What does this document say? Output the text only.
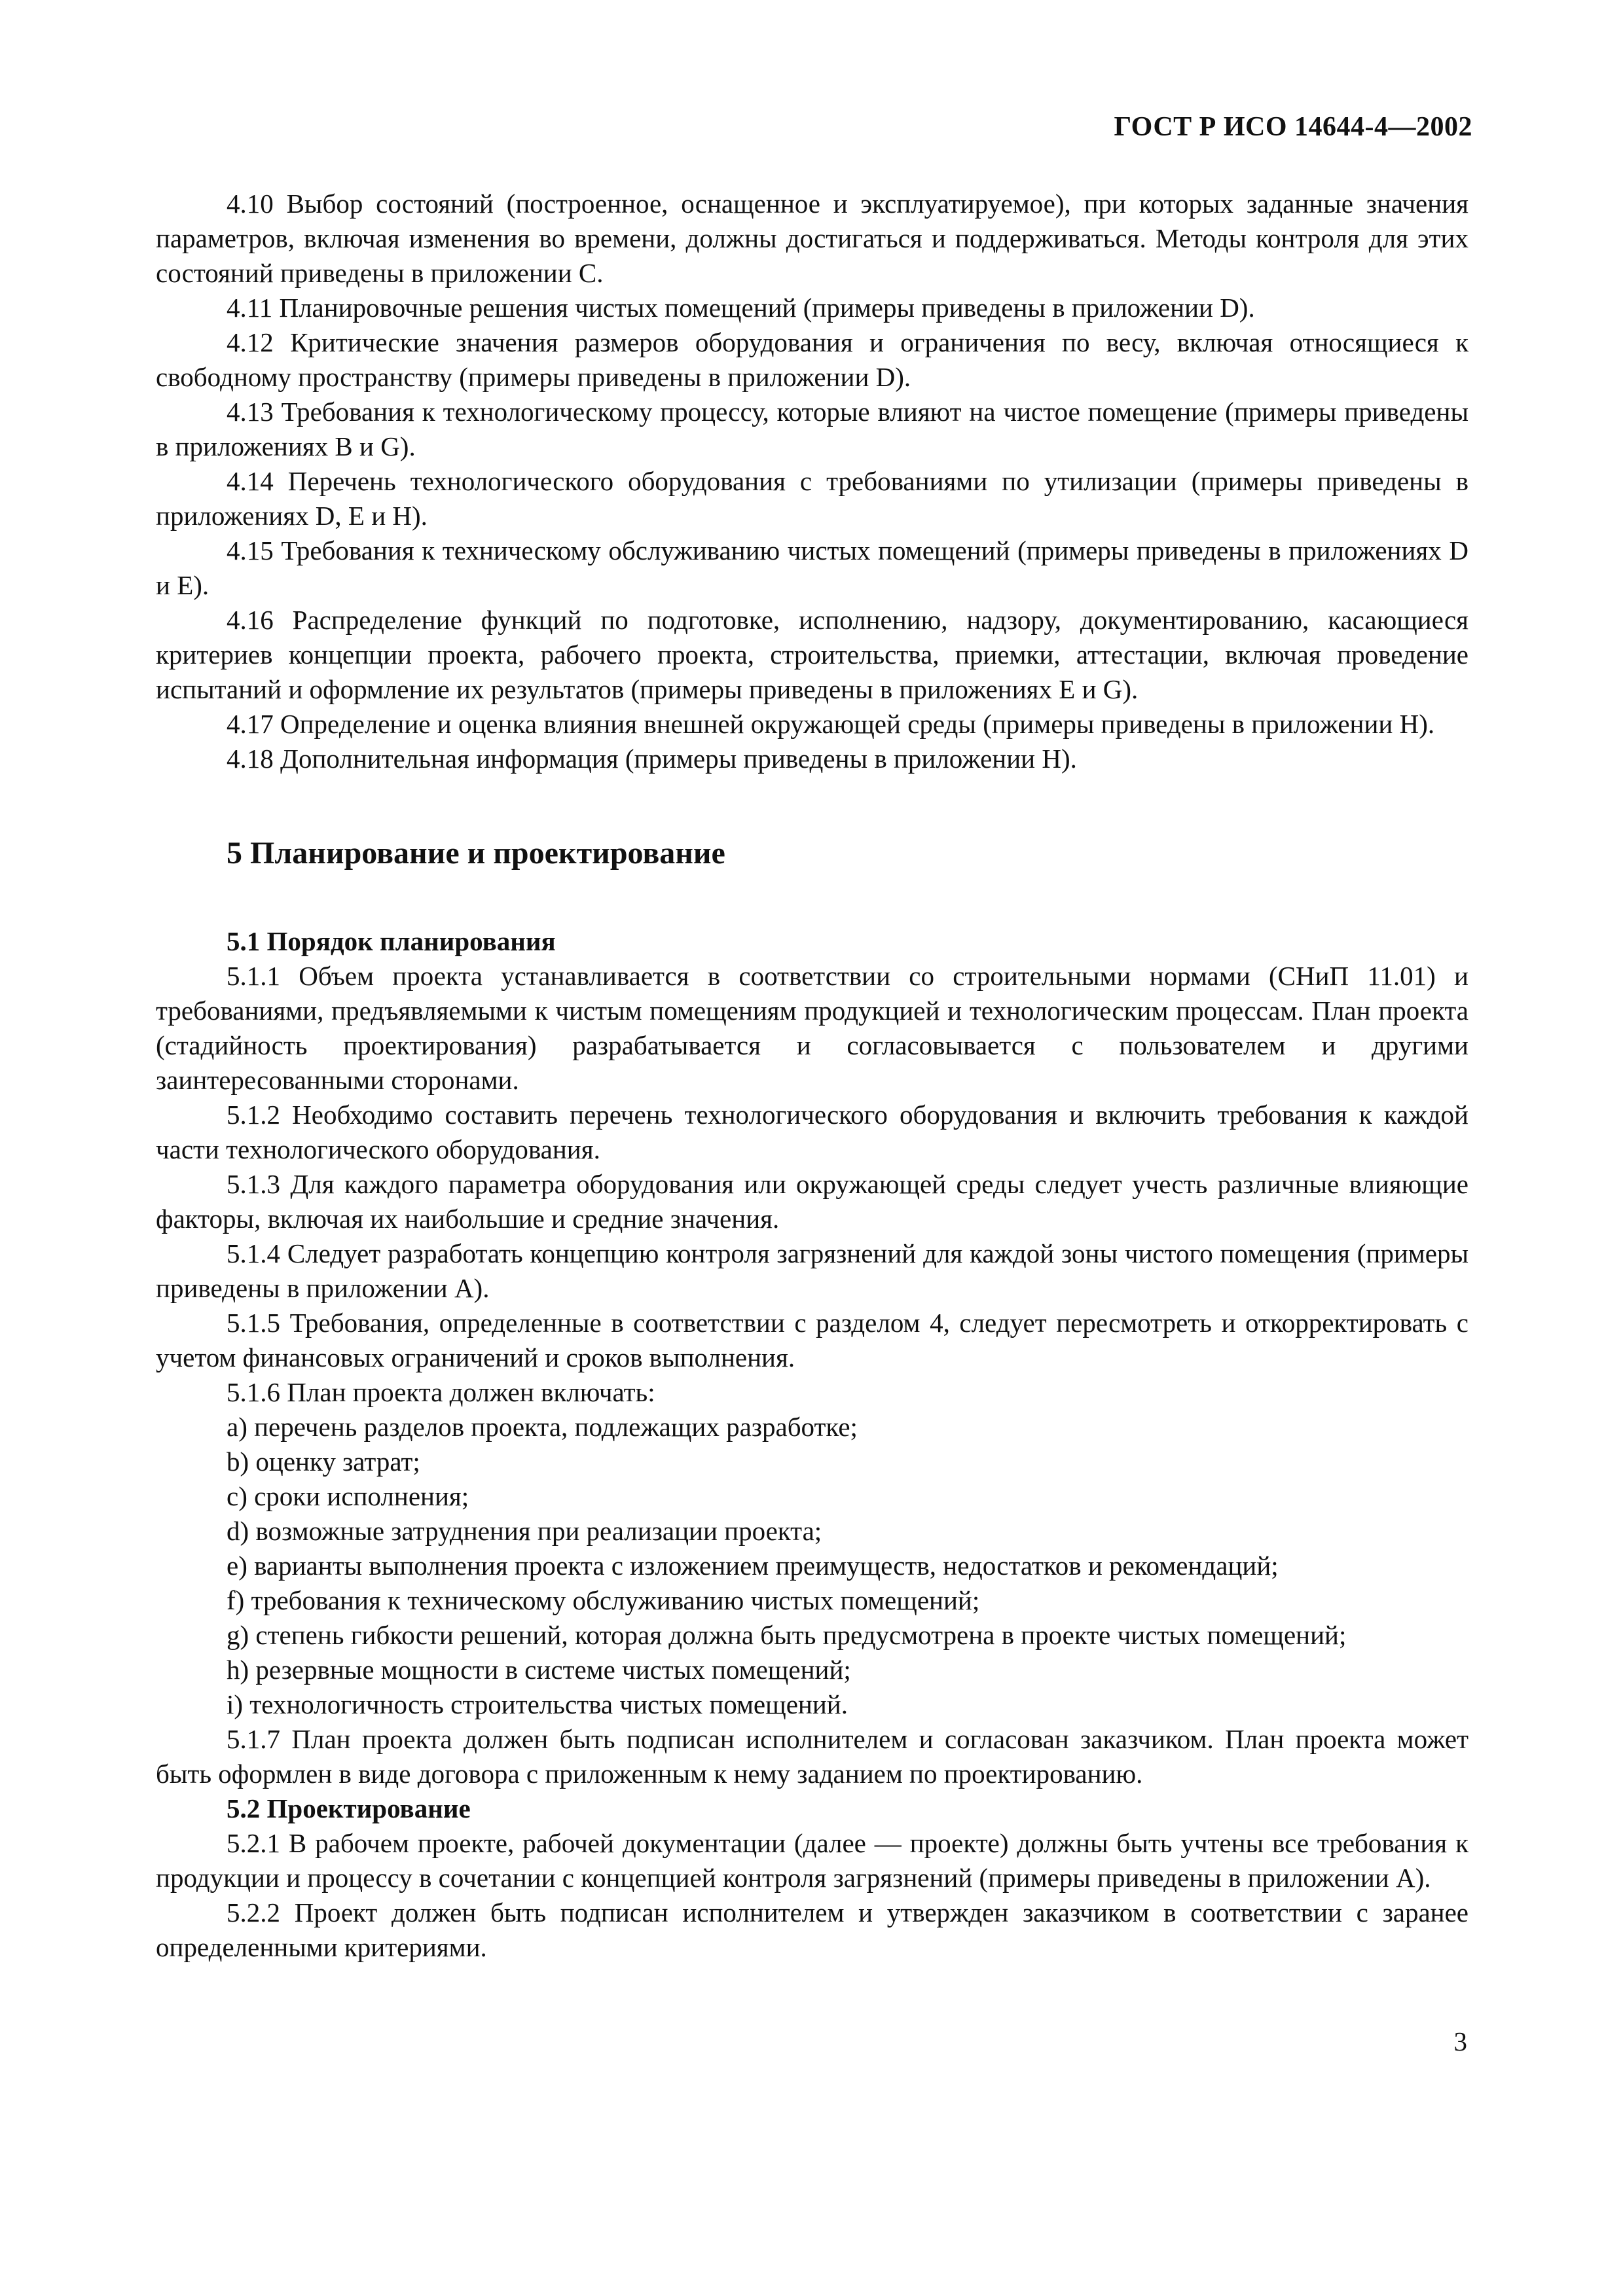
ГОСТ Р ИСО 14644-4—2002

4.10 Выбор состояний (построенное, оснащенное и эксплуатируемое), при которых заданные значения параметров, включая изменения во времени, должны достигаться и поддерживаться. Методы контроля для этих состояний приведены в приложении С.

4.11 Планировочные решения чистых помещений (примеры приведены в приложении D).

4.12 Критические значения размеров оборудования и ограничения по весу, включая относящиеся к свободному пространству (примеры приведены в приложении D).

4.13 Требования к технологическому процессу, которые влияют на чистое помещение (примеры приведены в приложениях В и G).

4.14 Перечень технологического оборудования с требованиями по утилизации (примеры приведены в приложениях D, E и Н).

4.15 Требования к техническому обслуживанию чистых помещений (примеры приведены в приложениях D и Е).

4.16 Распределение функций по подготовке, исполнению, надзору, документированию, касающиеся критериев концепции проекта, рабочего проекта, строительства, приемки, аттестации, включая проведение испытаний и оформление их результатов (примеры приведены в приложениях Е и G).

4.17 Определение и оценка влияния внешней окружающей среды (примеры приведены в приложении Н).

4.18 Дополнительная информация (примеры приведены в приложении Н).

5 Планирование и проектирование
5.1 Порядок планирования

5.1.1 Объем проекта устанавливается в соответствии со строительными нормами (СНиП 11.01) и требованиями, предъявляемыми к чистым помещениям продукцией и технологическим процессам. План проекта (стадийность проектирования) разрабатывается и согласовывается с пользователем и другими заинтересованными сторонами.

5.1.2 Необходимо составить перечень технологического оборудования и включить требования к каждой части технологического оборудования.

5.1.3 Для каждого параметра оборудования или окружающей среды следует учесть различные влияющие факторы, включая их наибольшие и средние значения.

5.1.4 Следует разработать концепцию контроля загрязнений для каждой зоны чистого помещения (примеры приведены в приложении А).

5.1.5 Требования, определенные в соответствии с разделом 4, следует пересмотреть и откорректировать с учетом финансовых ограничений и сроков выполнения.

5.1.6 План проекта должен включать:

a) перечень разделов проекта, подлежащих разработке;
b) оценку затрат;
c) сроки исполнения;
d) возможные затруднения при реализации проекта;
e) варианты выполнения проекта с изложением преимуществ, недостатков и рекомендаций;
f) требования к техническому обслуживанию чистых помещений;
g) степень гибкости решений, которая должна быть предусмотрена в проекте чистых помещений;
h) резервные мощности в системе чистых помещений;
i) технологичность строительства чистых помещений.

5.1.7 План проекта должен быть подписан исполнителем и согласован заказчиком. План проекта может быть оформлен в виде договора с приложенным к нему заданием по проектированию.

5.2 Проектирование

5.2.1 В рабочем проекте, рабочей документации (далее — проекте) должны быть учтены все требования к продукции и процессу в сочетании с концепцией контроля загрязнений (примеры приведены в приложении А).

5.2.2 Проект должен быть подписан исполнителем и утвержден заказчиком в соответствии с заранее определенными критериями.

3
